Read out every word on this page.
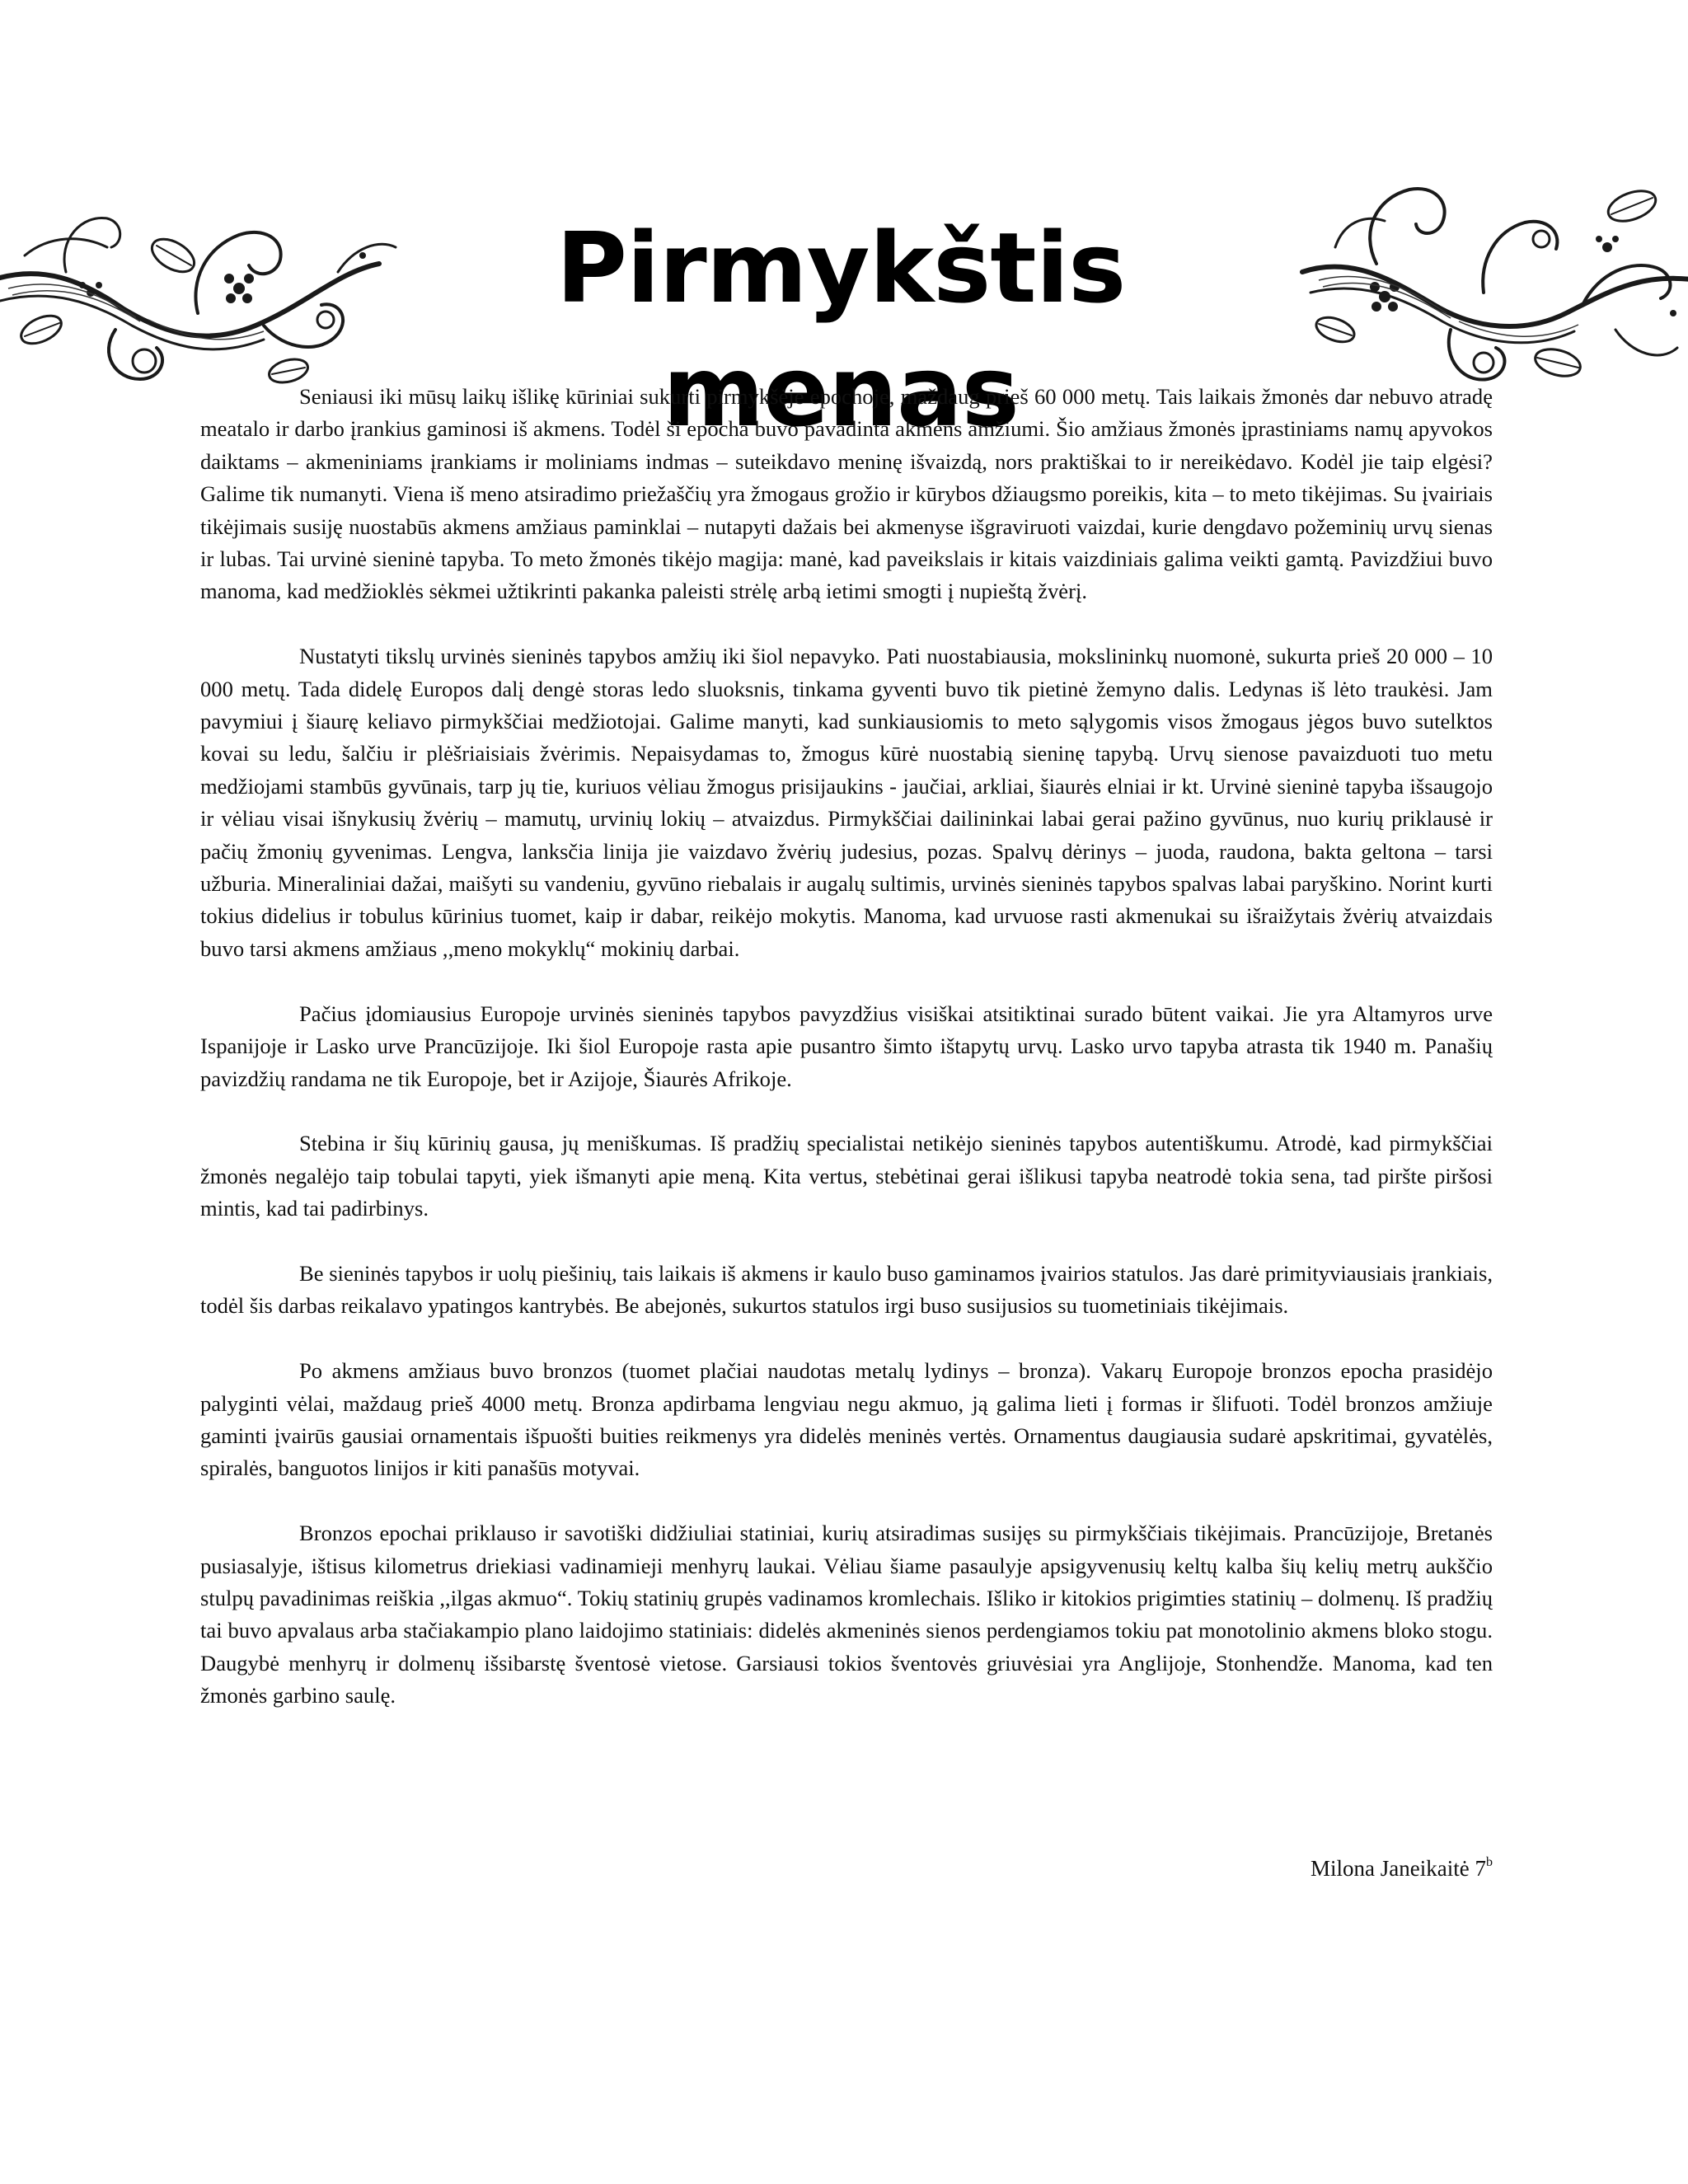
Pirmykštis menas

Seniausi iki mūsų laikų išlikę kūriniai sukurti pirmykšėje epochoje, maždaug prieš 60 000 metų. Tais laikais žmonės dar nebuvo atradę meatalo ir darbo įrankius gaminosi iš akmens. Todėl ši epocha buvo pavadinta akmens amžiumi. Šio amžiaus žmonės įprastiniams namų apyvokos daiktams – akmeniniams įrankiams ir moliniams indmas – suteikdavo meninę išvaizdą, nors praktiškai to ir nereikėdavo. Kodėl jie taip elgėsi? Galime tik numanyti. Viena iš meno atsiradimo priežaščių yra žmogaus grožio ir kūrybos džiaugsmo poreikis, kita – to meto tikėjimas. Su įvairiais tikėjimais susiję nuostabūs akmens amžiaus paminklai – nutapyti dažais bei akmenyse išgraviruoti vaizdai, kurie dengdavo požeminių urvų sienas ir lubas. Tai urvinė sieninė tapyba. To meto žmonės tikėjo magija: manė, kad paveikslais ir kitais vaizdiniais galima veikti gamtą. Pavizdžiui buvo manoma, kad medžioklės sėkmei užtikrinti pakanka paleisti strėlę arbą ietimi smogti į nupieštą žvėrį.

Nustatyti tikslų urvinės sieninės tapybos amžių iki šiol nepavyko. Pati nuostabiausia, mokslininkų nuomonė, sukurta prieš 20 000 – 10 000 metų. Tada didelę Europos dalį dengė storas ledo sluoksnis, tinkama gyventi buvo tik pietinė žemyno dalis. Ledynas iš lėto traukėsi. Jam pavymiui į šiaurę keliavo pirmykščiai medžiotojai. Galime manyti, kad sunkiausiomis to meto sąlygomis visos žmogaus jėgos buvo sutelktos kovai su ledu, šalčiu ir plėšriaisiais žvėrimis. Nepaisydamas to, žmogus kūrė nuostabią sieninę tapybą. Urvų sienose pavaizduoti tuo metu medžiojami stambūs gyvūnais, tarp jų tie, kuriuos vėliau žmogus prisijaukins - jaučiai, arkliai, šiaurės elniai ir kt. Urvinė sieninė tapyba išsaugojo ir vėliau visai išnykusių žvėrių – mamutų, urvinių lokių – atvaizdus. Pirmykščiai dailininkai labai gerai pažino gyvūnus, nuo kurių priklausė ir pačių žmonių gyvenimas. Lengva, lanksčia linija jie vaizdavo žvėrių judesius, pozas. Spalvų dėrinys – juoda, raudona, bakta geltona – tarsi užburia. Mineraliniai dažai, maišyti su vandeniu, gyvūno riebalais ir augalų sultimis, urvinės sieninės tapybos spalvas labai paryškino. Norint kurti tokius didelius ir tobulus kūrinius tuomet, kaip ir dabar, reikėjo mokytis. Manoma, kad urvuose rasti akmenukai su išraižytais žvėrių atvaizdais buvo tarsi akmens amžiaus ,,meno mokyklų“ mokinių darbai.

Pačius įdomiausius Europoje urvinės sieninės tapybos pavyzdžius visiškai atsitiktinai surado būtent vaikai. Jie yra Altamyros urve Ispanijoje ir Lasko urve Prancūzijoje. Iki šiol Europoje rasta apie pusantro šimto ištapytų urvų. Lasko urvo tapyba atrasta tik 1940 m. Panašių pavizdžių randama ne tik Europoje, bet ir Azijoje, Šiaurės Afrikoje.

Stebina ir šių kūrinių gausa, jų meniškumas. Iš pradžių specialistai netikėjo sieninės tapybos autentiškumu. Atrodė, kad pirmykščiai žmonės negalėjo taip tobulai tapyti, yiek išmanyti apie meną. Kita vertus, stebėtinai gerai išlikusi tapyba neatrodė tokia sena, tad piršte piršosi mintis, kad tai padirbinys.

Be sieninės tapybos ir uolų piešinių, tais laikais iš akmens ir kaulo buso gaminamos įvairios statulos. Jas darė primityviausiais įrankiais, todėl šis darbas reikalavo ypatingos kantrybės. Be abejonės, sukurtos statulos irgi buso susijusios su tuometiniais tikėjimais.

Po akmens amžiaus buvo bronzos (tuomet plačiai naudotas metalų lydinys – bronza). Vakarų Europoje bronzos epocha prasidėjo palyginti vėlai, maždaug prieš 4000 metų. Bronza apdirbama lengviau negu akmuo, ją galima lieti į formas ir šlifuoti. Todėl bronzos amžiuje gaminti įvairūs gausiai ornamentais išpuošti buities reikmenys yra didelės meninės vertės. Ornamentus daugiausia sudarė apskritimai, gyvatėlės, spiralės, banguotos linijos ir kiti panašūs motyvai.

Bronzos epochai priklauso ir savotiški didžiuliai statiniai, kurių atsiradimas susijęs su pirmykščiais tikėjimais. Prancūzijoje, Bretanės pusiasalyje, ištisus kilometrus driekiasi vadinamieji menhyrų laukai. Vėliau šiame pasaulyje apsigyvenusių keltų kalba šių kelių metrų aukščio stulpų pavadinimas reiškia ,,ilgas akmuo“. Tokių statinių grupės vadinamos kromlechais. Išliko ir kitokios prigimties statinių – dolmenų. Iš pradžių tai buvo apvalaus arba stačiakampio plano laidojimo statiniais: didelės akmeninės sienos perdengiamos tokiu pat monotolinio akmens bloko stogu. Daugybė menhyrų ir dolmenų išsibarstę šventosė vietose. Garsiausi tokios šventovės griuvėsiai yra Anglijoje, Stonhendže. Manoma, kad ten žmonės garbino saulę.

Milona Janeikaitė 7$^b$
